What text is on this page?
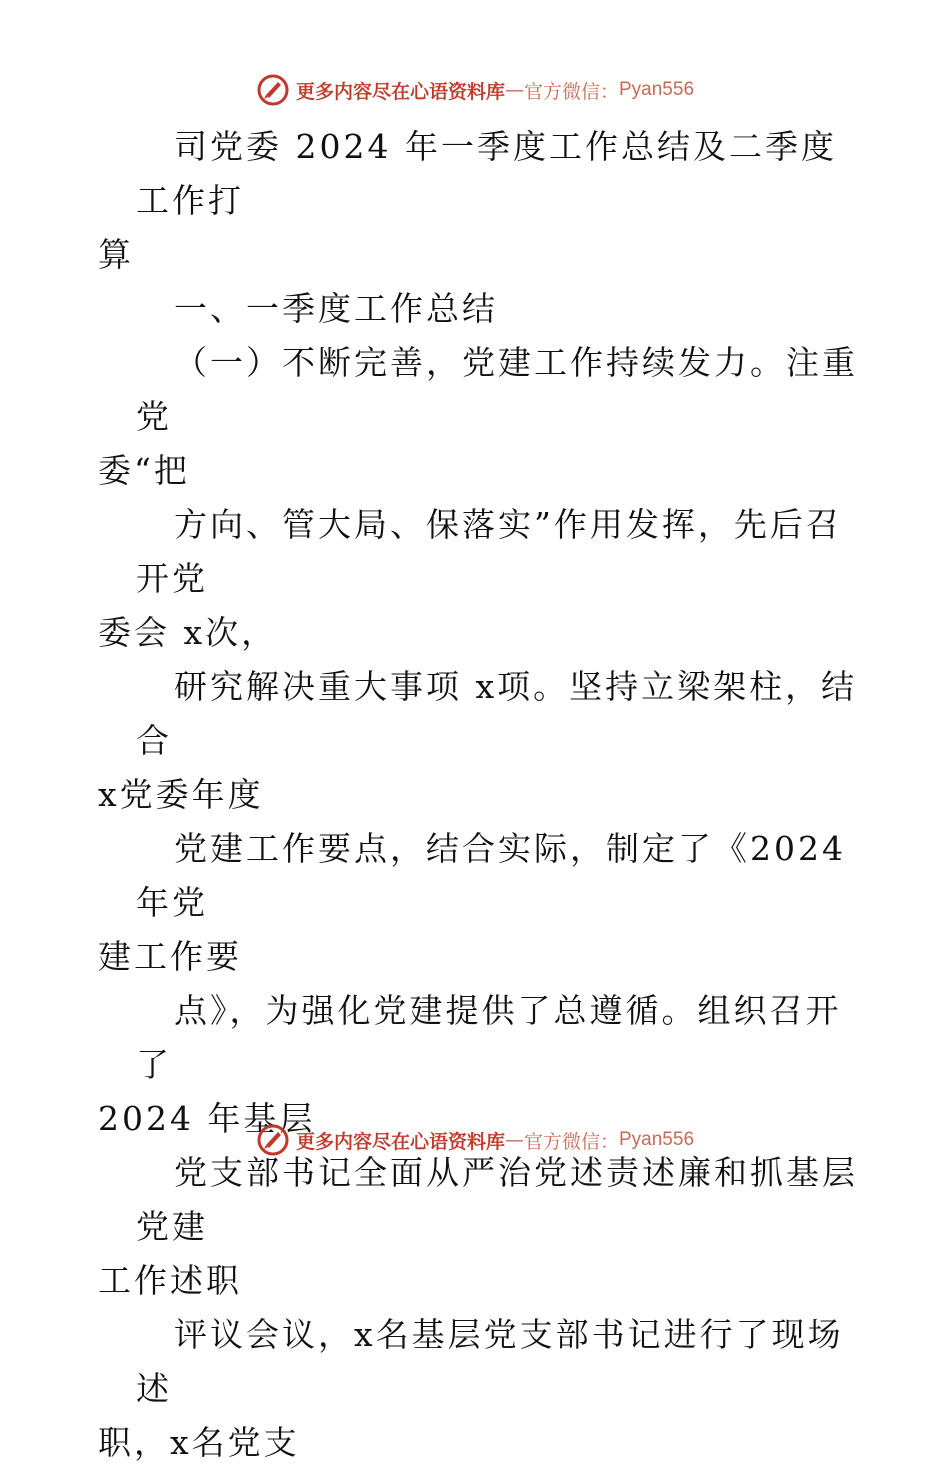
更多内容尽在心语资料库 — 官方微信： Pyan556
司党委 2024 年一季度工作总结及二季度工作打
算
一、一季度工作总结
（一）不断完善，党建工作持续发力。注重党
委“把
方向、管大局、保落实”作用发挥，先后召开党
委会 x次，
研究解决重大事项 x项。坚持立梁架柱，结合
x党委年度
党建工作要点，结合实际，制定了《2024 年党
建工作要
点》，为强化党建提供了总遵循。组织召开了
2024 年基层
党支部书记全面从严治党述责述廉和抓基层党建
工作述职
评议会议，x名基层党支部书记进行了现场述
职，x名党支
更多内容尽在心语资料库 — 官方微信： Pyan556
